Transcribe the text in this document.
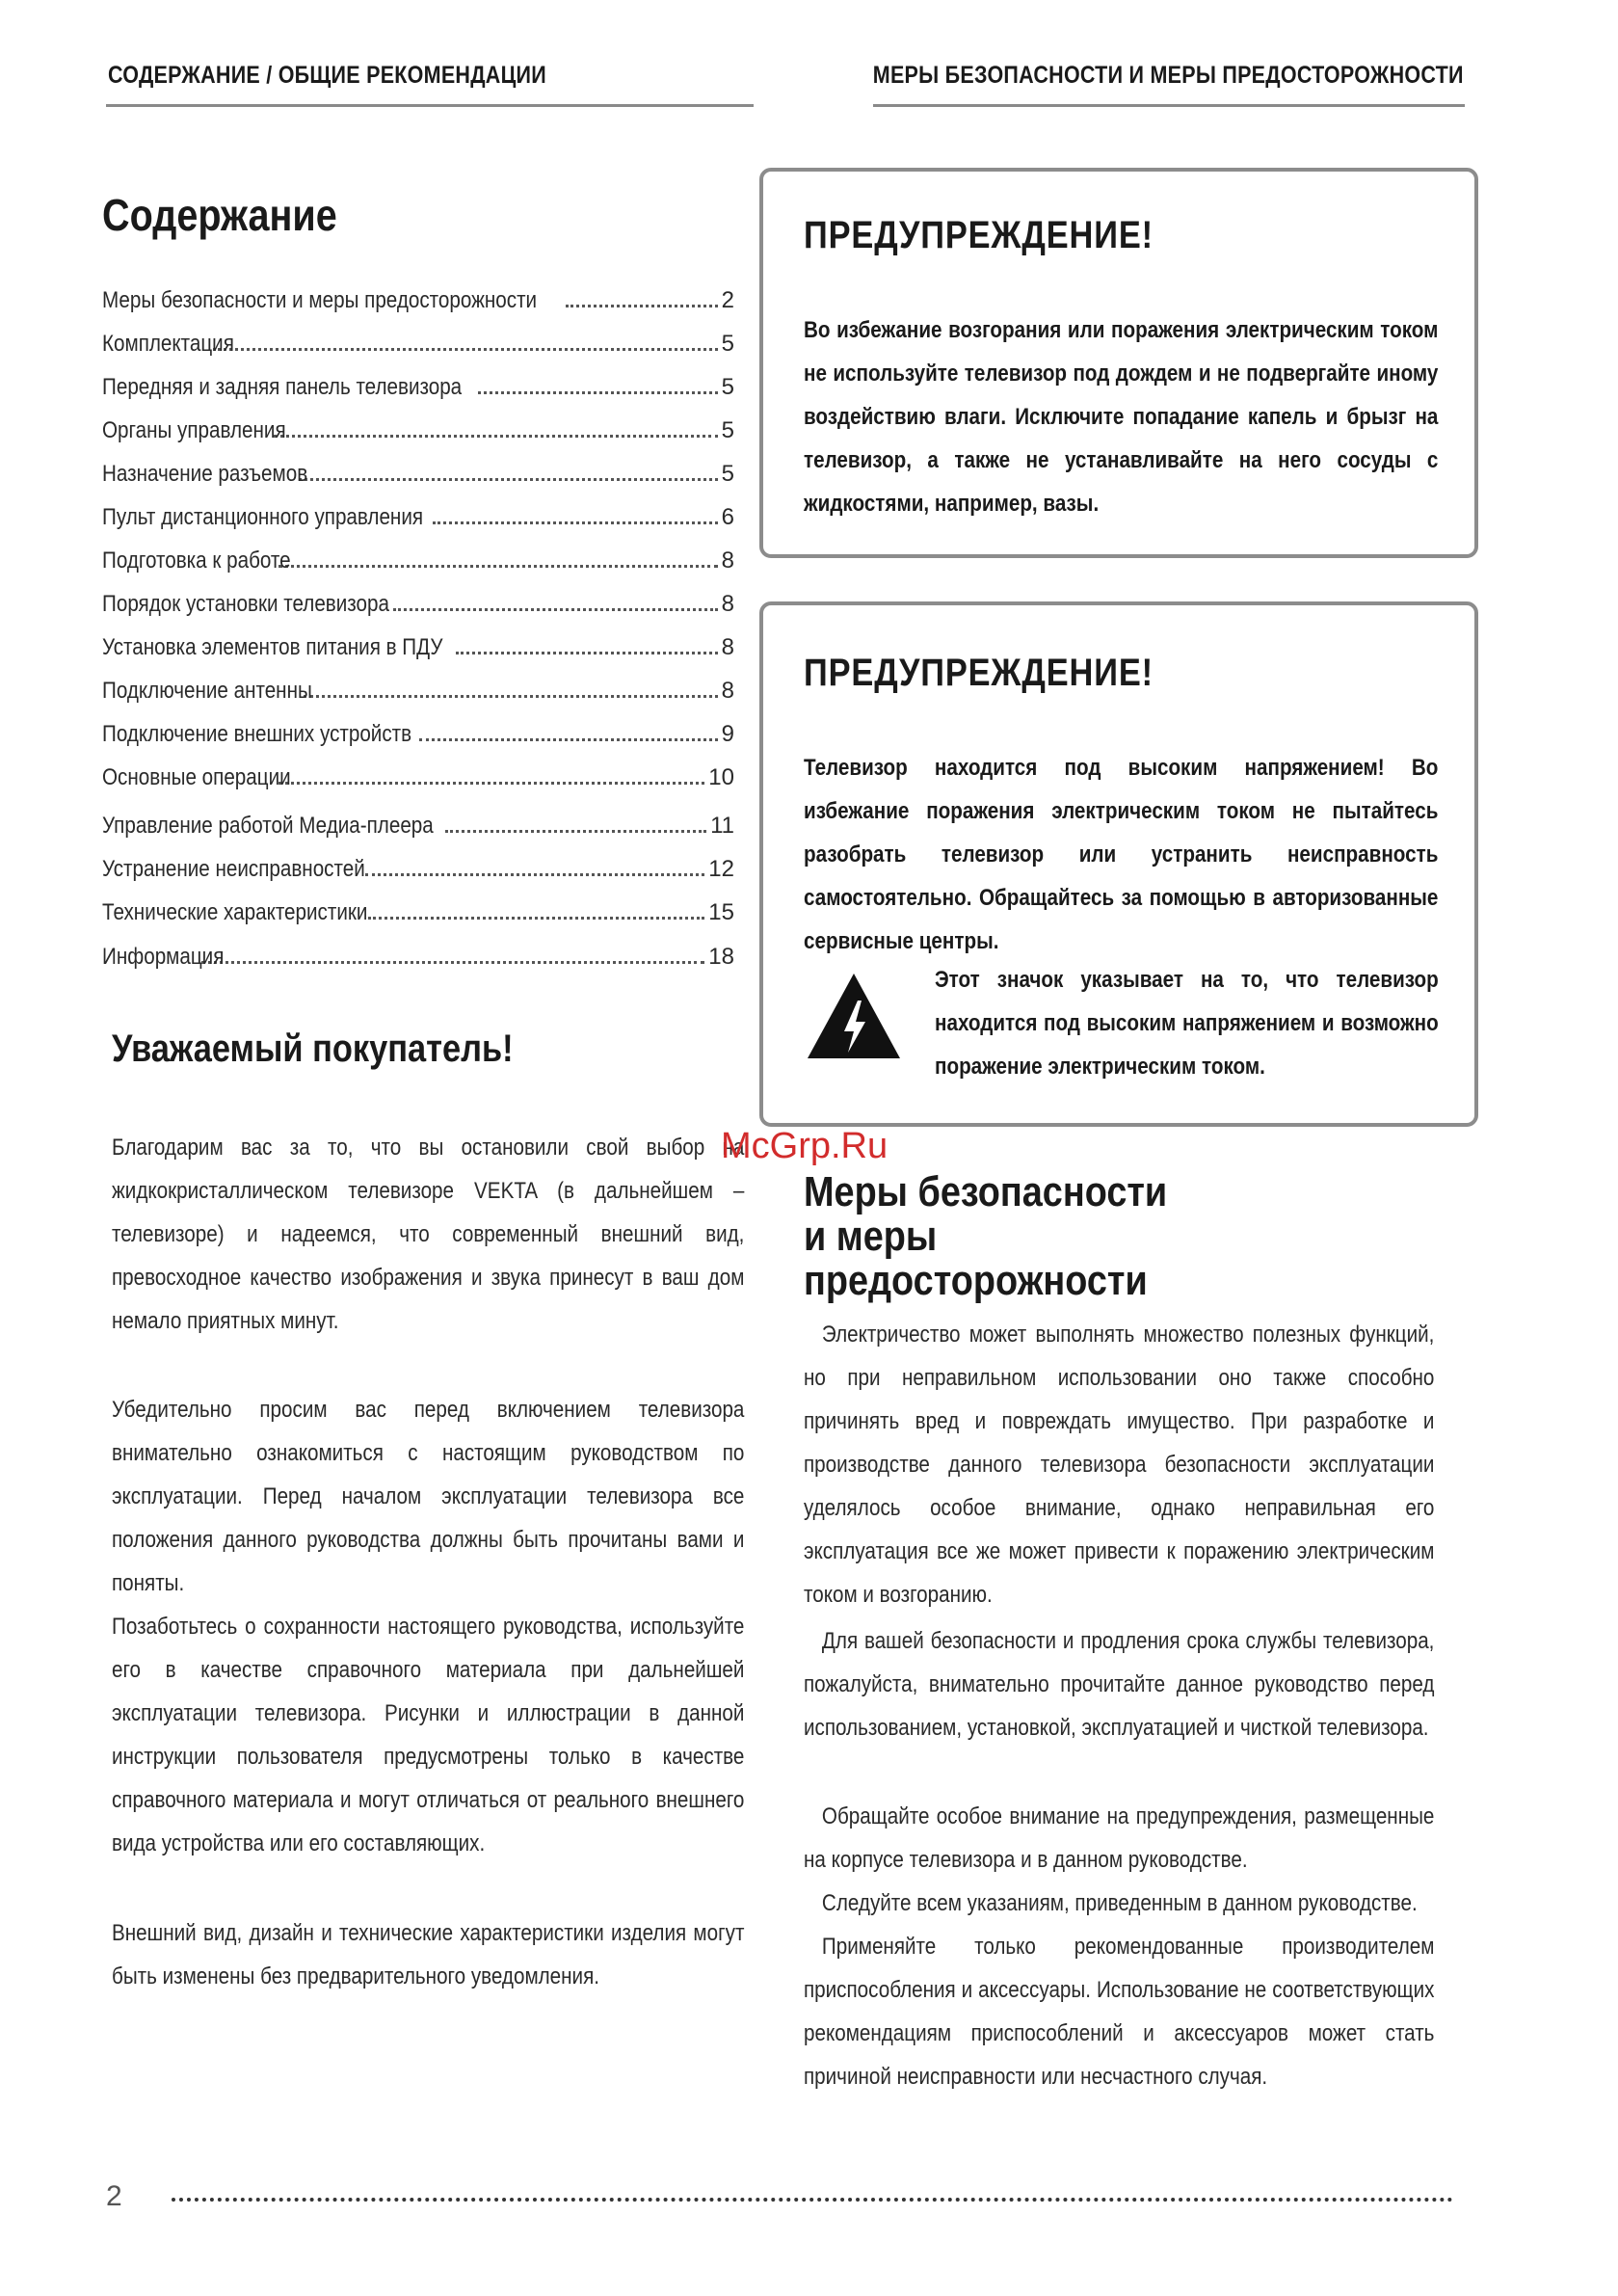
СОДЕРЖАНИЕ / ОБЩИЕ РЕКОМЕНДАЦИИ	МЕРЫ БЕЗОПАСНОСТИ И МЕРЫ ПРЕДОСТОРОЖНОСТИ
Содержание
Меры безопасности и меры предосторожности	2
Комплектация	5
Передняя и задняя панель телевизора	5
Органы управления	5
Назначение разъемов	5
Пульт дистанционного управления	6
Подготовка к работе	8
Порядок установки телевизора	8
Установка элементов питания в ПДУ	8
Подключение антенны	8
Подключение внешних устройств	9
Основные операции	10
Управление работой Медиа-плеера	11
Устранение неисправностей	12
Технические характеристики	15
Информация	18
Уважаемый покупатель!
Благодарим вас за то, что вы остановили свой выбор на жидкокристаллическом телевизоре VEKTA (в дальнейшем – телевизоре) и надеемся, что современный внешний вид, превосходное качество изображения и звука принесут в ваш дом немало приятных минут.
Убедительно просим вас перед включением телевизора внимательно ознакомиться с настоящим руководством по эксплуатации. Перед началом эксплуатации телевизора все положения данного руководства должны быть прочитаны вами и поняты.
Позаботьтесь о сохранности настоящего руководства, используйте его в качестве справочного материала при дальнейшей эксплуатации телевизора. Рисунки и иллюстрации в данной инструкции пользователя предусмотрены только в качестве справочного материала и могут отличаться от реального внешнего вида устройства или его составляющих.
Внешний вид, дизайн и технические характеристики изделия могут быть изменены без предварительного уведомления.
ПРЕДУПРЕЖДЕНИЕ!
Во избежание возгорания или поражения электрическим током не используйте телевизор под дождем и не подвергайте иному воздействию влаги. Исключите попадание капель и брызг на телевизор, а также не устанавливайте на него сосуды с жидкостями, например, вазы.
ПРЕДУПРЕЖДЕНИЕ!
Телевизор находится под высоким напряжением! Во избежание поражения электрическим током не пытайтесь разобрать телевизор или устранить неисправность самостоятельно. Обращайтесь за помощью в авторизованные сервисные центры.
Этот значок указывает на то, что телевизор находится под высоким напряжением и возможно поражение электрическим током.
McGrp.Ru
Меры безопасности и меры предосторожности
Электричество может выполнять множество полезных функций, но при неправильном использовании оно также способно причинять вред и повреждать имущество. При разработке и производстве данного телевизора безопасности эксплуатации уделялось особое внимание, однако неправильная его эксплуатация все же может привести к поражению электрическим током и возгоранию.
Для вашей безопасности и продления срока службы телевизора, пожалуйста, внимательно прочитайте данное руководство перед использованием, установкой, эксплуатацией и чисткой телевизора.
Обращайте особое внимание на предупреждения, размещенные на корпусе телевизора и в данном руководстве.
Следуйте всем указаниям, приведенным в данном руководстве.
Применяйте только рекомендованные производителем приспособления и аксессуары. Использование не соответствующих рекомендациям приспособлений и аксессуаров может стать причиной неисправности или несчастного случая.
2
